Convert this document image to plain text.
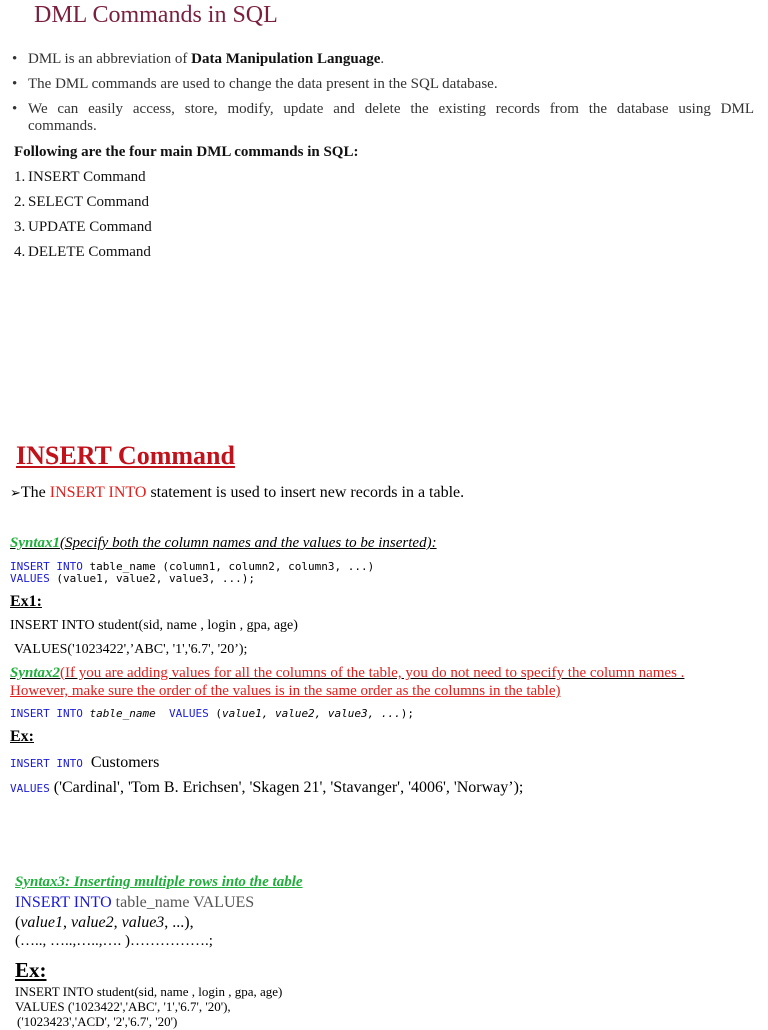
DML Commands in SQL
• DML is an abbreviation of Data Manipulation Language.
• The DML commands are used to change the data present in the SQL database.
• We can easily access, store, modify, update and delete the existing records from the database using DML
commands.
Following are the four main DML commands in SQL:
1. INSERT Command
2. SELECT Command
3. UPDATE Command
4. DELETE Command
INSERT Command
➢The INSERT INTO statement is used to insert new records in a table.
Syntax1(Specify both the column names and the values to be inserted):
INSERT INTO table_name (column1, column2, column3, ...)
VALUES (value1, value2, value3, ...);
Ex1:
INSERT INTO student(sid, name , login , gpa, age)
VALUES('1023422',’ABC', '1','6.7', '20’);
Syntax2(If you are adding values for all the columns of the table, you do not need to specify the column names .
However, make sure the order of the values is in the same order as the columns in the table)
INSERT INTO table_name VALUES (value1, value2, value3, ...);
Ex:
INSERT INTO Customers
VALUES ('Cardinal', 'Tom B. Erichsen', 'Skagen 21', 'Stavanger', '4006', 'Norway’);
Syntax3: Inserting multiple rows into the table
INSERT INTO table_name VALUES
(value1, value2, value3, ...),
(….., …..,…..,…. )…………….;
Ex:
INSERT INTO student(sid, name , login , gpa, age)
VALUES ('1023422','ABC', '1','6.7', '20'),
('1023423','ACD', '2','6.7', '20')
